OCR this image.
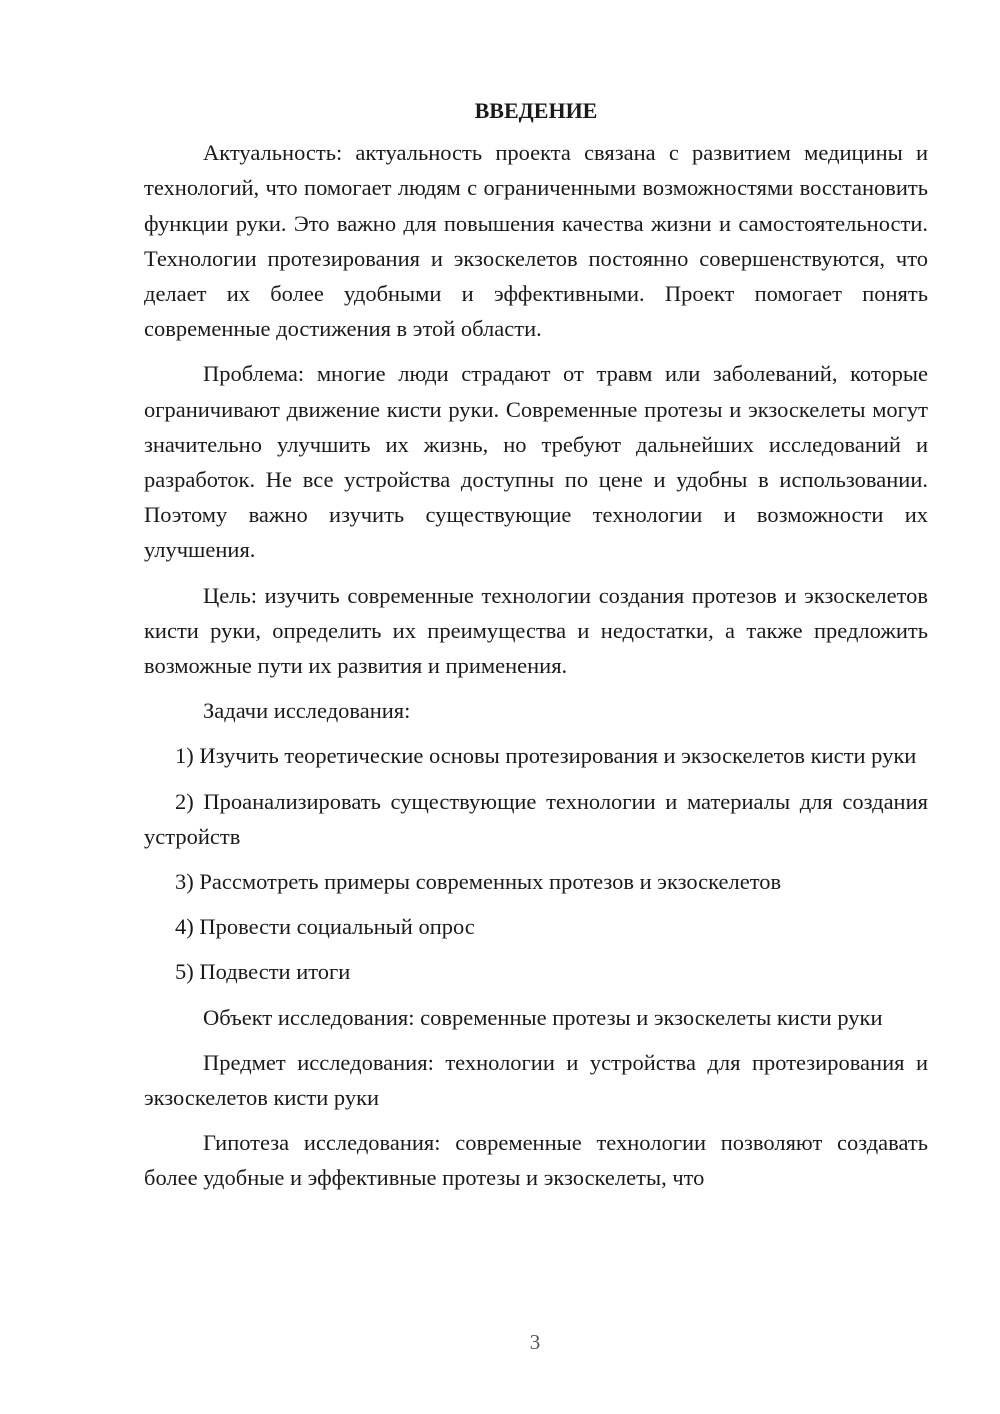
ВВЕДЕНИЕ

Актуальность: актуальность проекта связана с развитием медицины и технологий, что помогает людям с ограниченными возможностями восстановить функции руки. Это важно для повышения качества жизни и самостоятельности. Технологии протезирования и экзоскелетов постоянно совершенствуются, что делает их более удобными и эффективными. Проект помогает понять современные достижения в этой области.

Проблема: многие люди страдают от травм или заболеваний, которые ограничивают движение кисти руки. Современные протезы и экзоскелеты могут значительно улучшить их жизнь, но требуют дальнейших исследований и разработок. Не все устройства доступны по цене и удобны в использовании. Поэтому важно изучить существующие технологии и возможности их улучшения.

Цель: изучить современные технологии создания протезов и экзоскелетов кисти руки, определить их преимущества и недостатки, а также предложить возможные пути их развития и применения.

Задачи исследования:

1) Изучить теоретические основы протезирования и экзоскелетов кисти руки

2) Проанализировать существующие технологии и материалы для создания устройств

3) Рассмотреть примеры современных протезов и экзоскелетов

4) Провести социальный опрос

5) Подвести итоги

Объект исследования: современные протезы и экзоскелеты кисти руки

Предмет исследования: технологии и устройства для протезирования и экзоскелетов кисти руки

Гипотеза исследования: современные технологии позволяют создавать более удобные и эффективные протезы и экзоскелеты, что

3
